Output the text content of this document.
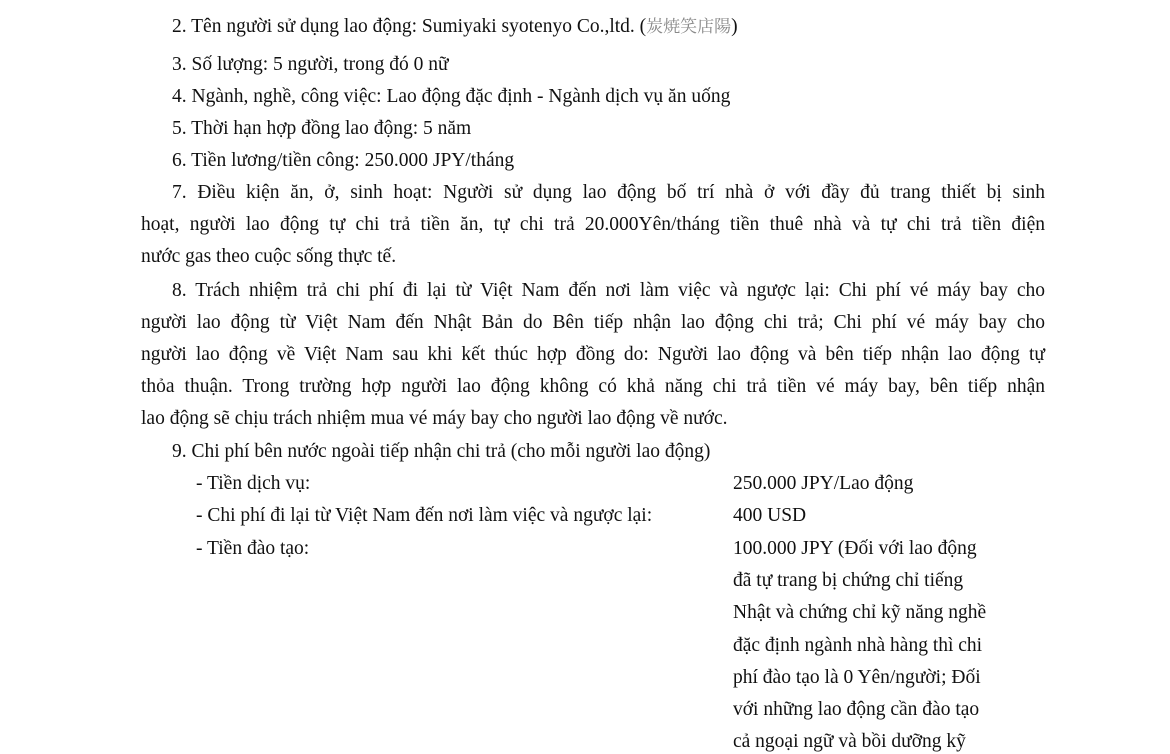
2. Tên người sử dụng lao động: Sumiyaki syotenyo Co.,ltd. (炭焼笑店陽)
3. Số lượng: 5 người, trong đó 0 nữ
4. Ngành, nghề, công việc: Lao động đặc định - Ngành dịch vụ ăn uống
5. Thời hạn hợp đồng lao động: 5 năm
6. Tiền lương/tiền công: 250.000 JPY/tháng
7. Điều kiện ăn, ở, sinh hoạt: Người sử dụng lao động bố trí nhà ở với đầy đủ trang thiết bị sinh
hoạt, người lao động tự chi trả tiền ăn, tự chi trả 20.000Yên/tháng tiền thuê nhà và tự chi trả tiền điện
nước gas theo cuộc sống thực tế.
8. Trách nhiệm trả chi phí đi lại từ Việt Nam đến nơi làm việc và ngược lại: Chi phí vé máy bay cho
người lao động từ Việt Nam đến Nhật Bản do Bên tiếp nhận lao động chi trả; Chi phí vé máy bay cho
người lao động về Việt Nam sau khi kết thúc hợp đồng do: Người lao động và bên tiếp nhận lao động tự
thỏa thuận. Trong trường hợp người lao động không có khả năng chi trả tiền vé máy bay, bên tiếp nhận
lao động sẽ chịu trách nhiệm mua vé máy bay cho người lao động về nước.
9. Chi phí bên nước ngoài tiếp nhận chi trả (cho mỗi người lao động)
- Tiền dịch vụ:	250.000 JPY/Lao động
- Chi phí đi lại từ Việt Nam đến nơi làm việc và ngược lại:	400 USD
- Tiền đào tạo:	100.000 JPY (Đối với lao động
đã tự trang bị chứng chỉ tiếng
Nhật và chứng chỉ kỹ năng nghề
đặc định ngành nhà hàng thì chi
phí đào tạo là 0 Yên/người; Đối
với những lao động cần đào tạo
cả ngoại ngữ và bồi dưỡng kỹ
